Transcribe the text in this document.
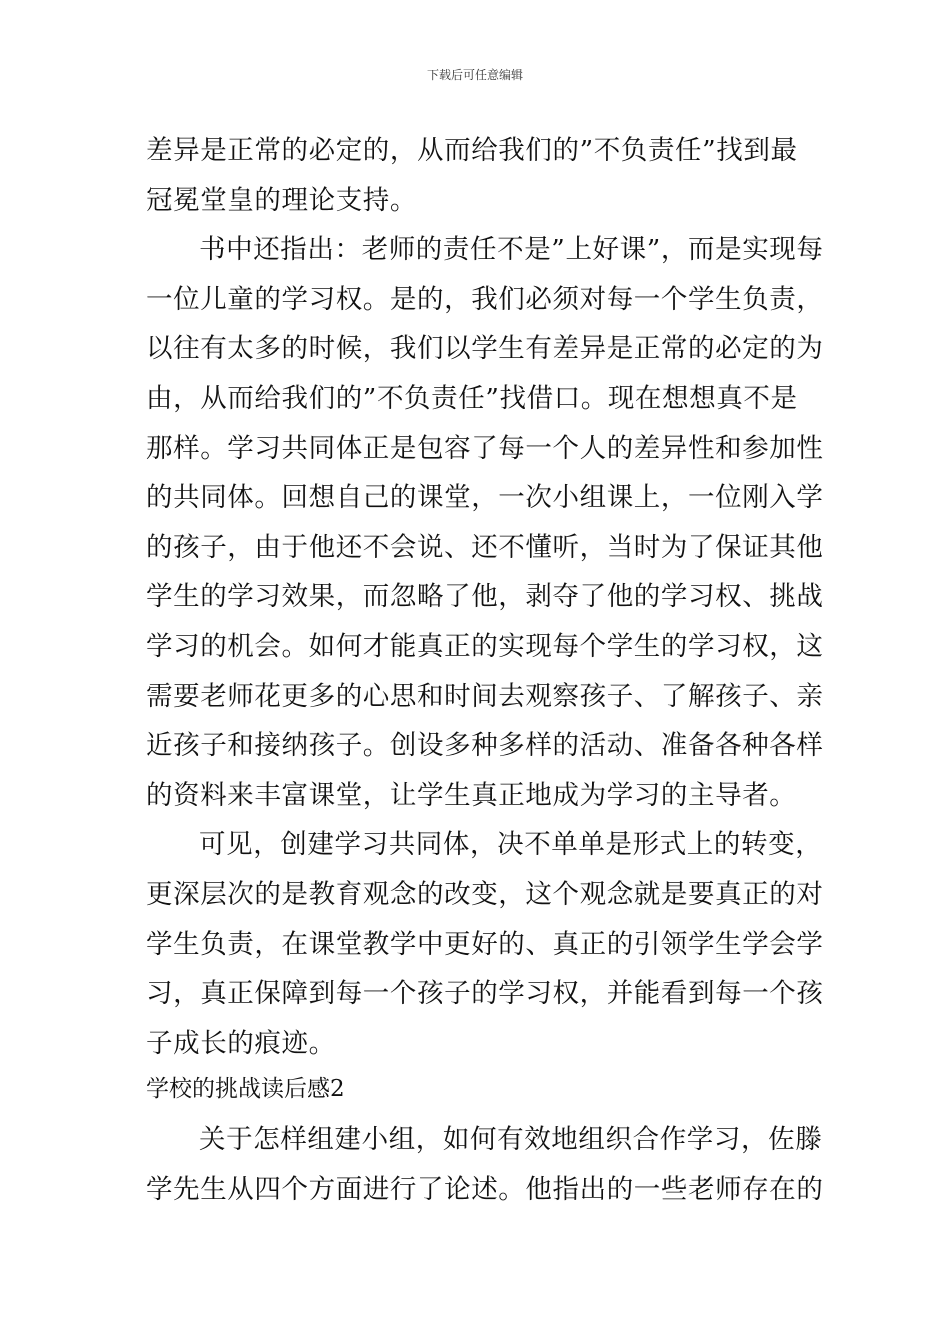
下载后可任意编辑
差异是正常的必定的，从而给我们的”不负责任”找到最
冠冕堂皇的理论支持。
书中还指出：老师的责任不是”上好课”，而是实现每
一位儿童的学习权。是的，我们必须对每一个学生负责，
以往有太多的时候，我们以学生有差异是正常的必定的为
由，从而给我们的”不负责任”找借口。现在想想真不是
那样。学习共同体正是包容了每一个人的差异性和参加性
的共同体。回想自己的课堂，一次小组课上，一位刚入学
的孩子，由于他还不会说、还不懂听，当时为了保证其他
学生的学习效果，而忽略了他，剥夺了他的学习权、挑战
学习的机会。如何才能真正的实现每个学生的学习权，这
需要老师花更多的心思和时间去观察孩子、了解孩子、亲
近孩子和接纳孩子。创设多种多样的活动、准备各种各样
的资料来丰富课堂，让学生真正地成为学习的主导者。
可见，创建学习共同体，决不单单是形式上的转变，
更深层次的是教育观念的改变，这个观念就是要真正的对
学生负责，在课堂教学中更好的、真正的引领学生学会学
习，真正保障到每一个孩子的学习权，并能看到每一个孩
子成长的痕迹。
学校的挑战读后感2
关于怎样组建小组，如何有效地组织合作学习，佐滕
学先生从四个方面进行了论述。他指出的一些老师存在的
